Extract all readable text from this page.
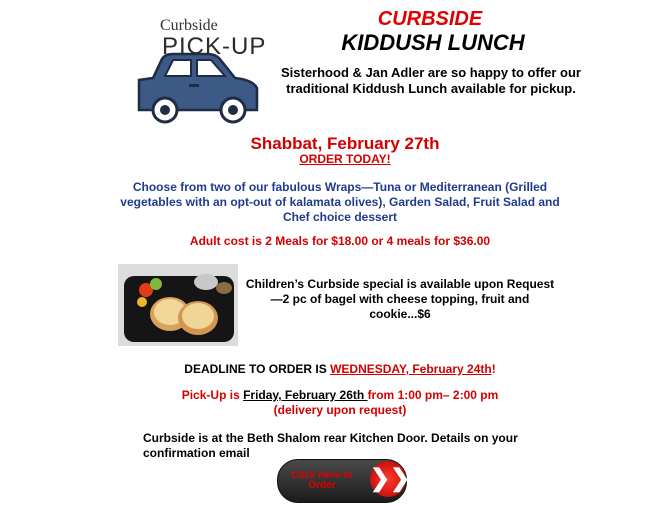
Curbside
PICK-UP
CURBSIDE
KIDDUSH LUNCH
Sisterhood & Jan Adler are so happy to offer our traditional Kiddush Lunch available for pickup.
Shabbat, February 27th
ORDER TODAY!
Choose from two of our fabulous Wraps—Tuna or Mediterranean (Grilled vegetables with an opt-out of kalamata olives), Garden Salad, Fruit Salad and Chef choice dessert
Adult cost is 2 Meals for $18.00 or 4 meals for $36.00
Children’s Curbside special is available upon Request—2 pc of bagel with cheese topping, fruit and cookie...$6
DEADLINE TO ORDER IS WEDNESDAY, February 24th!
Pick-Up is Friday, February 26th from 1:00 pm– 2:00 pm
(delivery upon request)
Curbside is at the Beth Shalom rear Kitchen Door. Details on your confirmation email
Click Here to Order	❯❯
